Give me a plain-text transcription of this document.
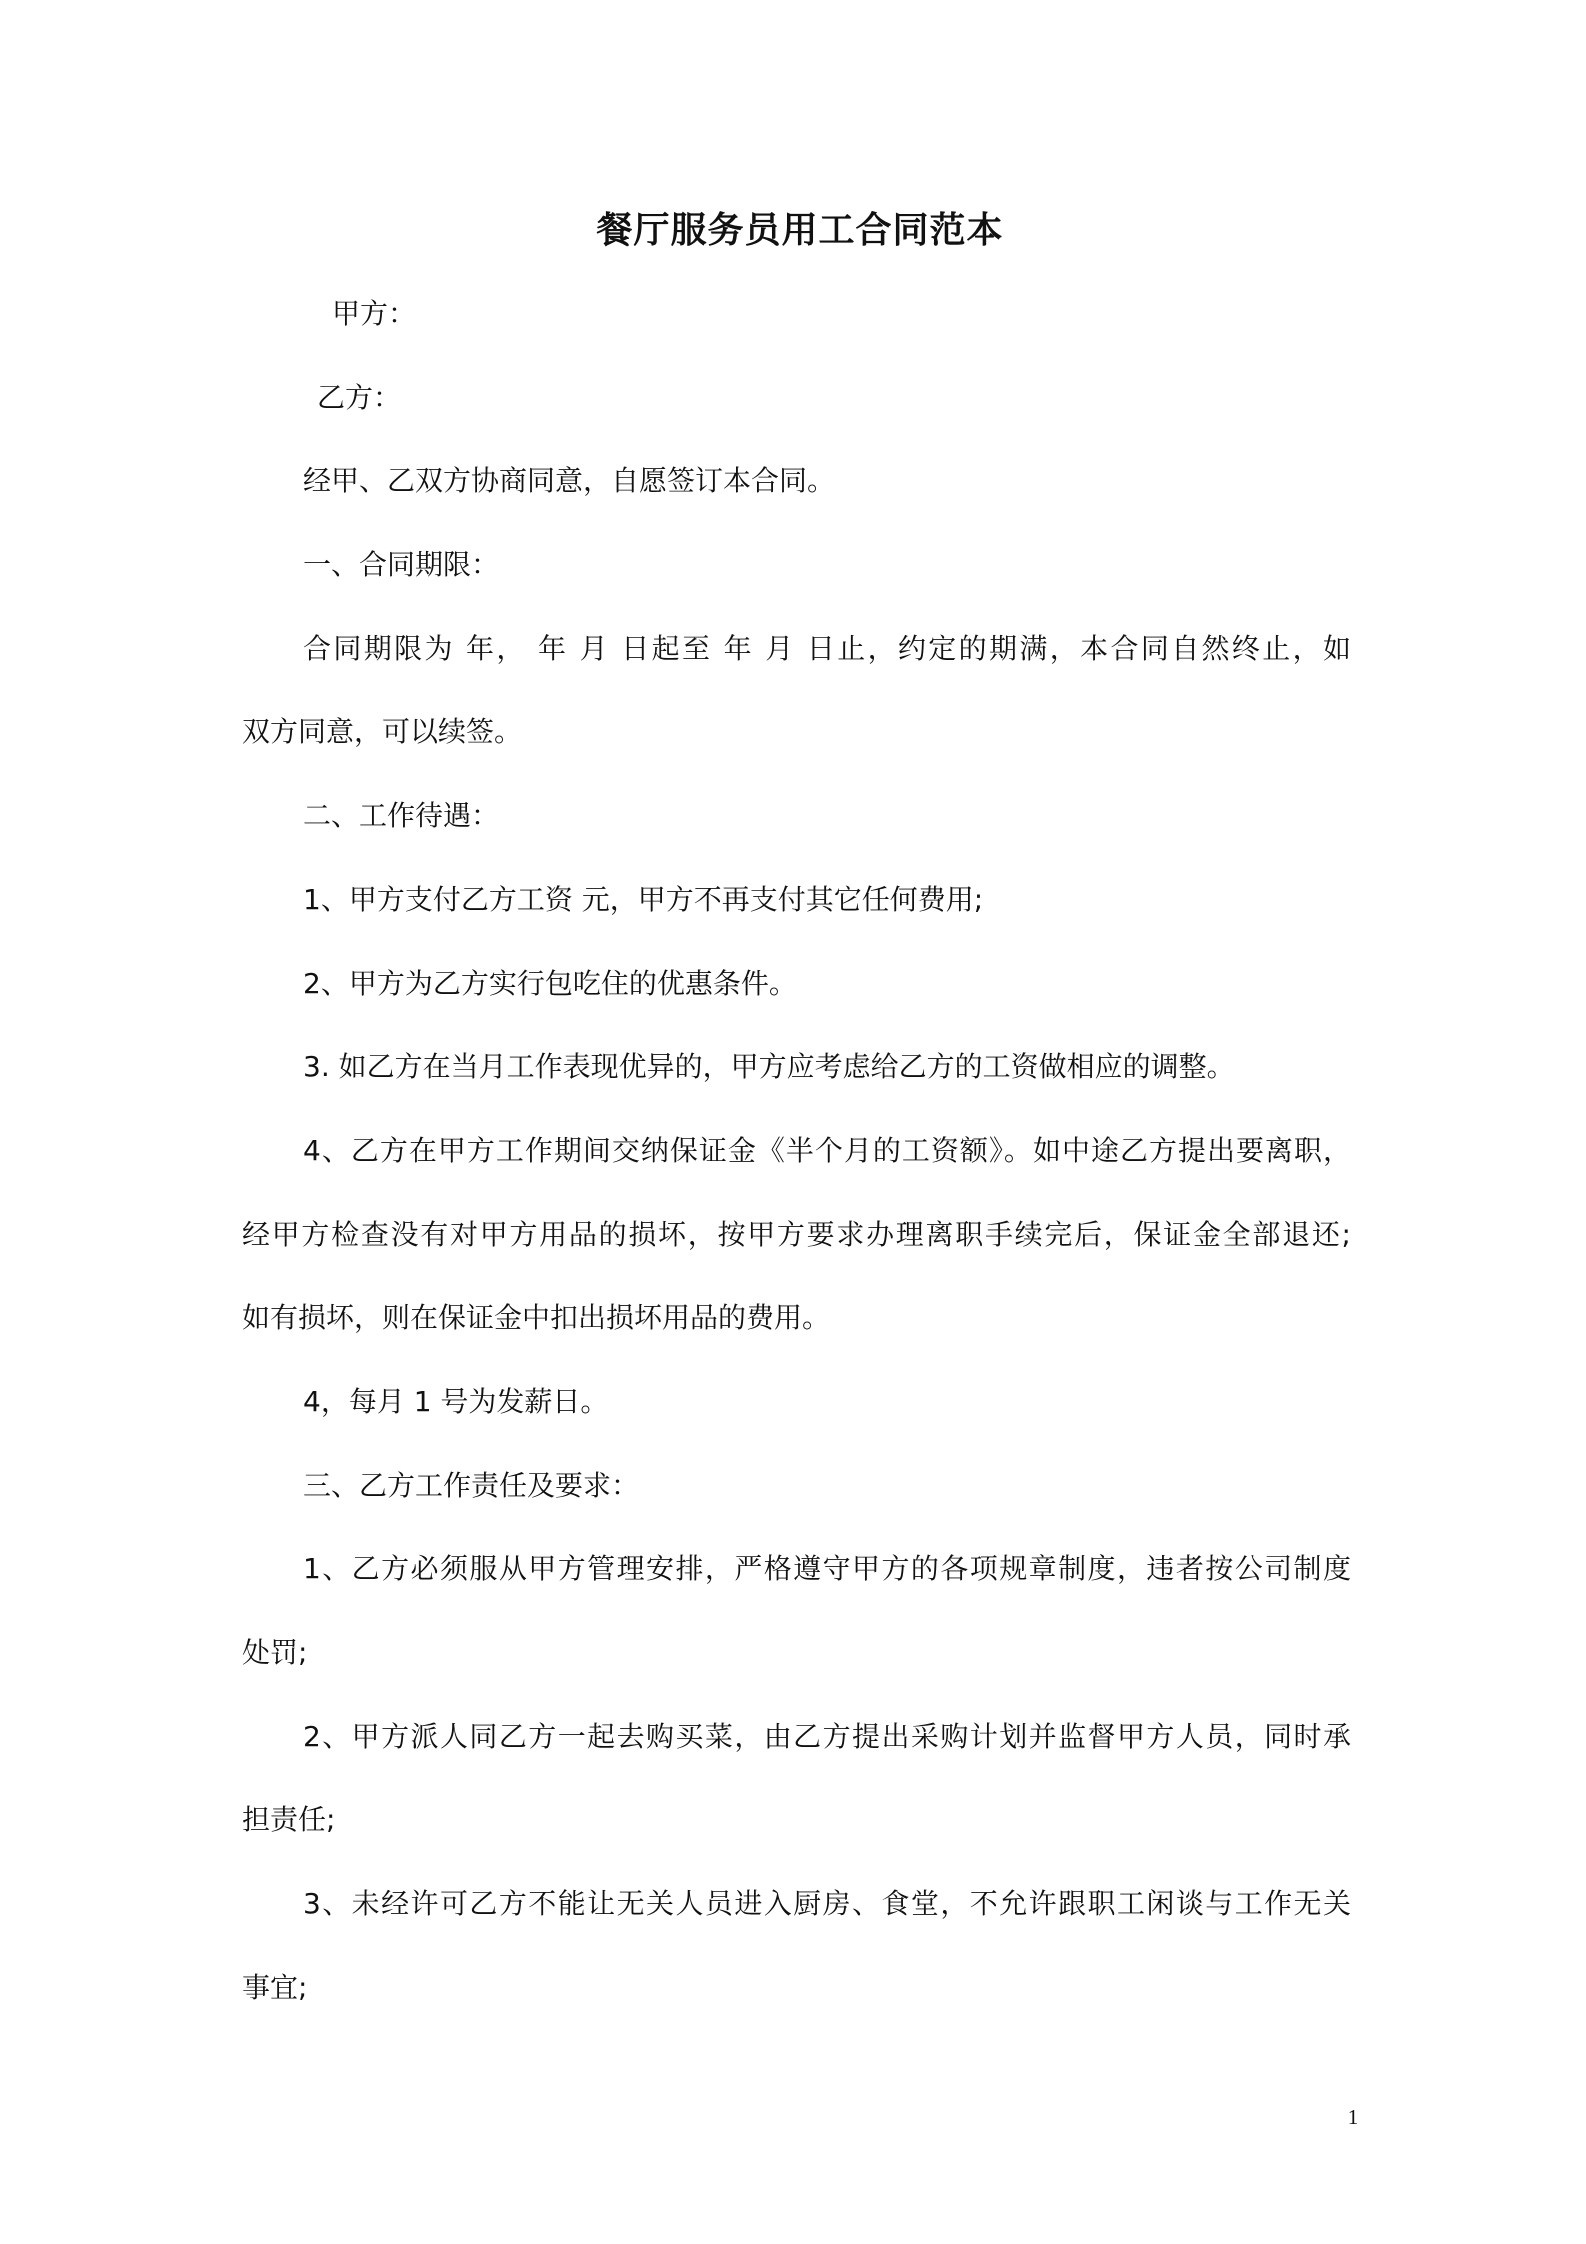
餐厅服务员用工合同范本
甲方：
乙方：
经甲、乙双方协商同意，自愿签订本合同。
一、合同期限：
合同期限为 年， 年 月 日起至 年 月 日止，约定的期满，本合同自然终止，如
双方同意，可以续签。
二、工作待遇：
1、甲方支付乙方工资 元，甲方不再支付其它任何费用;
2、甲方为乙方实行包吃住的优惠条件。
3. 如乙方在当月工作表现优异的，甲方应考虑给乙方的工资做相应的调整。
4、乙方在甲方工作期间交纳保证金《半个月的工资额》。如中途乙方提出要离职，
经甲方检查没有对甲方用品的损坏，按甲方要求办理离职手续完后，保证金全部退还;
如有损坏，则在保证金中扣出损坏用品的费用。
4，每月 1 号为发薪日。
三、乙方工作责任及要求：
1、乙方必须服从甲方管理安排，严格遵守甲方的各项规章制度，违者按公司制度
处罚;
2、甲方派人同乙方一起去购买菜，由乙方提出采购计划并监督甲方人员，同时承
担责任;
3、未经许可乙方不能让无关人员进入厨房、食堂，不允许跟职工闲谈与工作无关
事宜;
1
